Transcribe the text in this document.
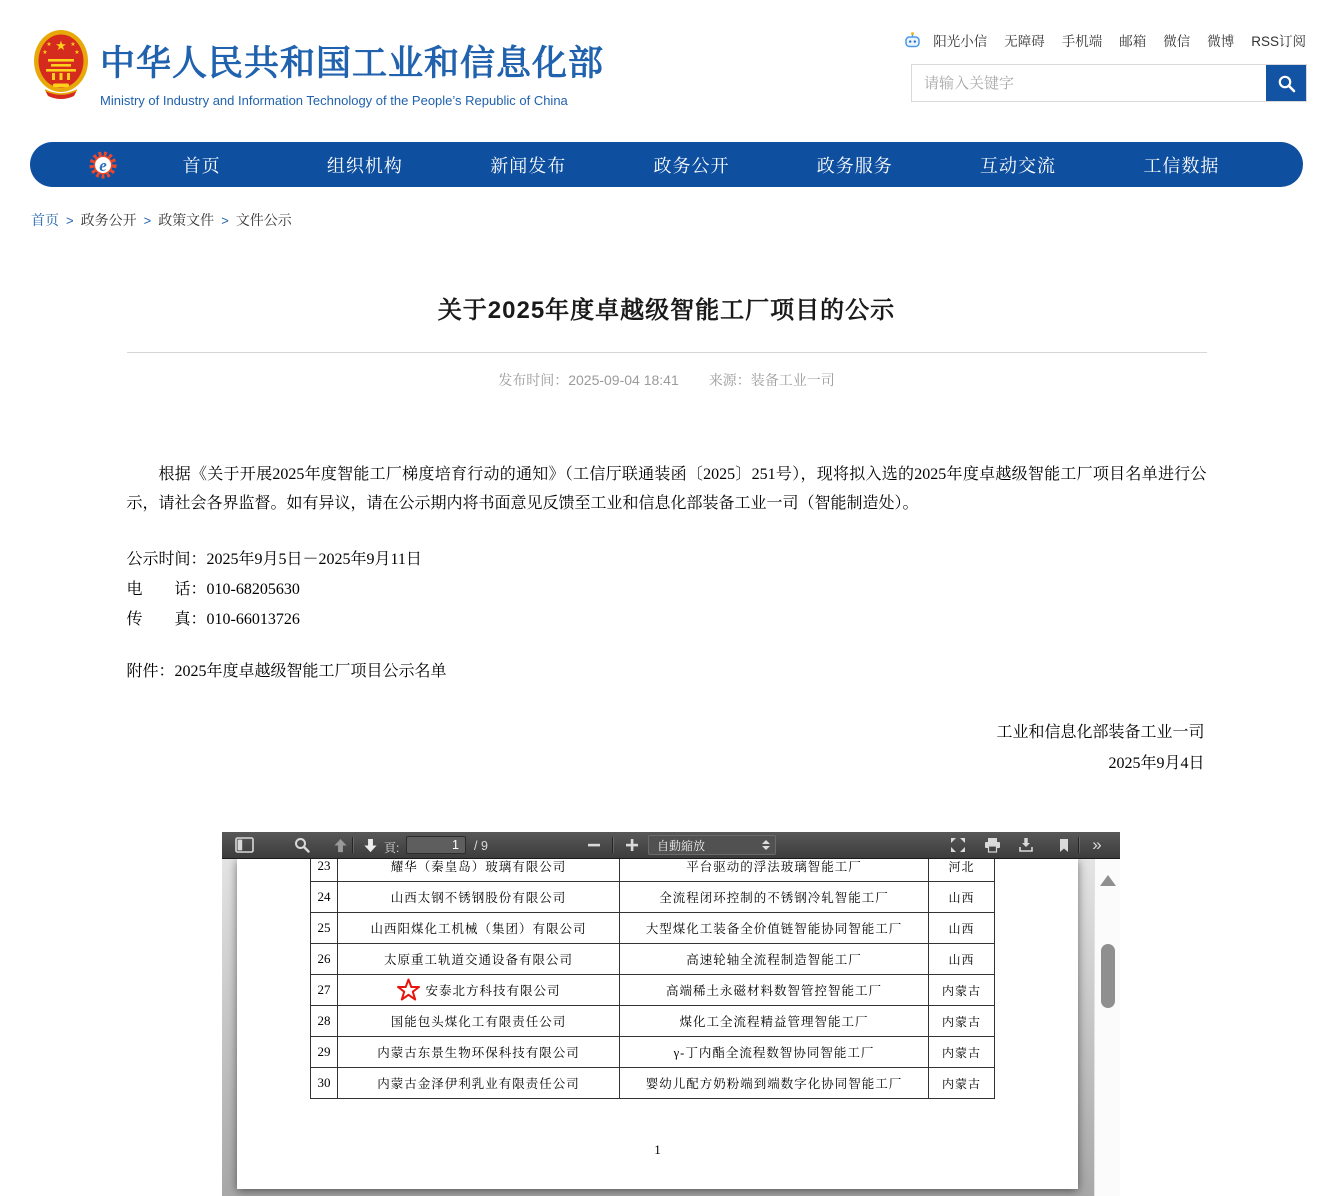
★
★	★
★	★ 中华人民共和国工业和信息化部
Ministry of Industry and Information Technology of the People’s Republic of China
阳光小信 无障碍 手机端 邮箱 微信 微博 RSS订阅
请输入关键字
e	首页	组织机构	新闻发布	政务公开	政务服务	互动交流	工信数据
首页 > 政务公开 > 政策文件 > 文件公示
关于2025年度卓越级智能工厂项目的公示
发布时间：2025-09-04 18:41 来源：装备工业一司

根据《关于开展2025年度智能工厂梯度培育行动的通知》（工信厅联通装函〔2025〕251号），现将拟入选的2025年度卓越级智能工厂项目名单进行公示，请社会各界监督。如有异议，请在公示期内将书面意见反馈至工业和信息化部装备工业一司（智能制造处）。

公示时间：2025年9月5日－2025年9月11日
电　　话：010-68205630
传　　真：010-66013726
附件：2025年度卓越级智能工厂项目公示名单
工业和信息化部装备工业一司
2025年9月4日
頁:
1	/ 9	自動縮放	»
23	耀华（秦皇岛）玻璃有限公司	平台驱动的浮法玻璃智能工厂	河北
24	山西太钢不锈钢股份有限公司	全流程闭环控制的不锈钢冷轧智能工厂	山西
25	山西阳煤化工机械（集团）有限公司	大型煤化工装备全价值链智能协同智能工厂	山西
26	太原重工轨道交通设备有限公司	高速轮轴全流程制造智能工厂	山西
27	安泰北方科技有限公司	高端稀土永磁材料数智管控智能工厂	内蒙古
28	国能包头煤化工有限责任公司	煤化工全流程精益管理智能工厂	内蒙古
29	内蒙古东景生物环保科技有限公司	γ-丁内酯全流程数智协同智能工厂	内蒙古
30	内蒙古金泽伊利乳业有限责任公司	婴幼儿配方奶粉端到端数字化协同智能工厂	内蒙古
1
